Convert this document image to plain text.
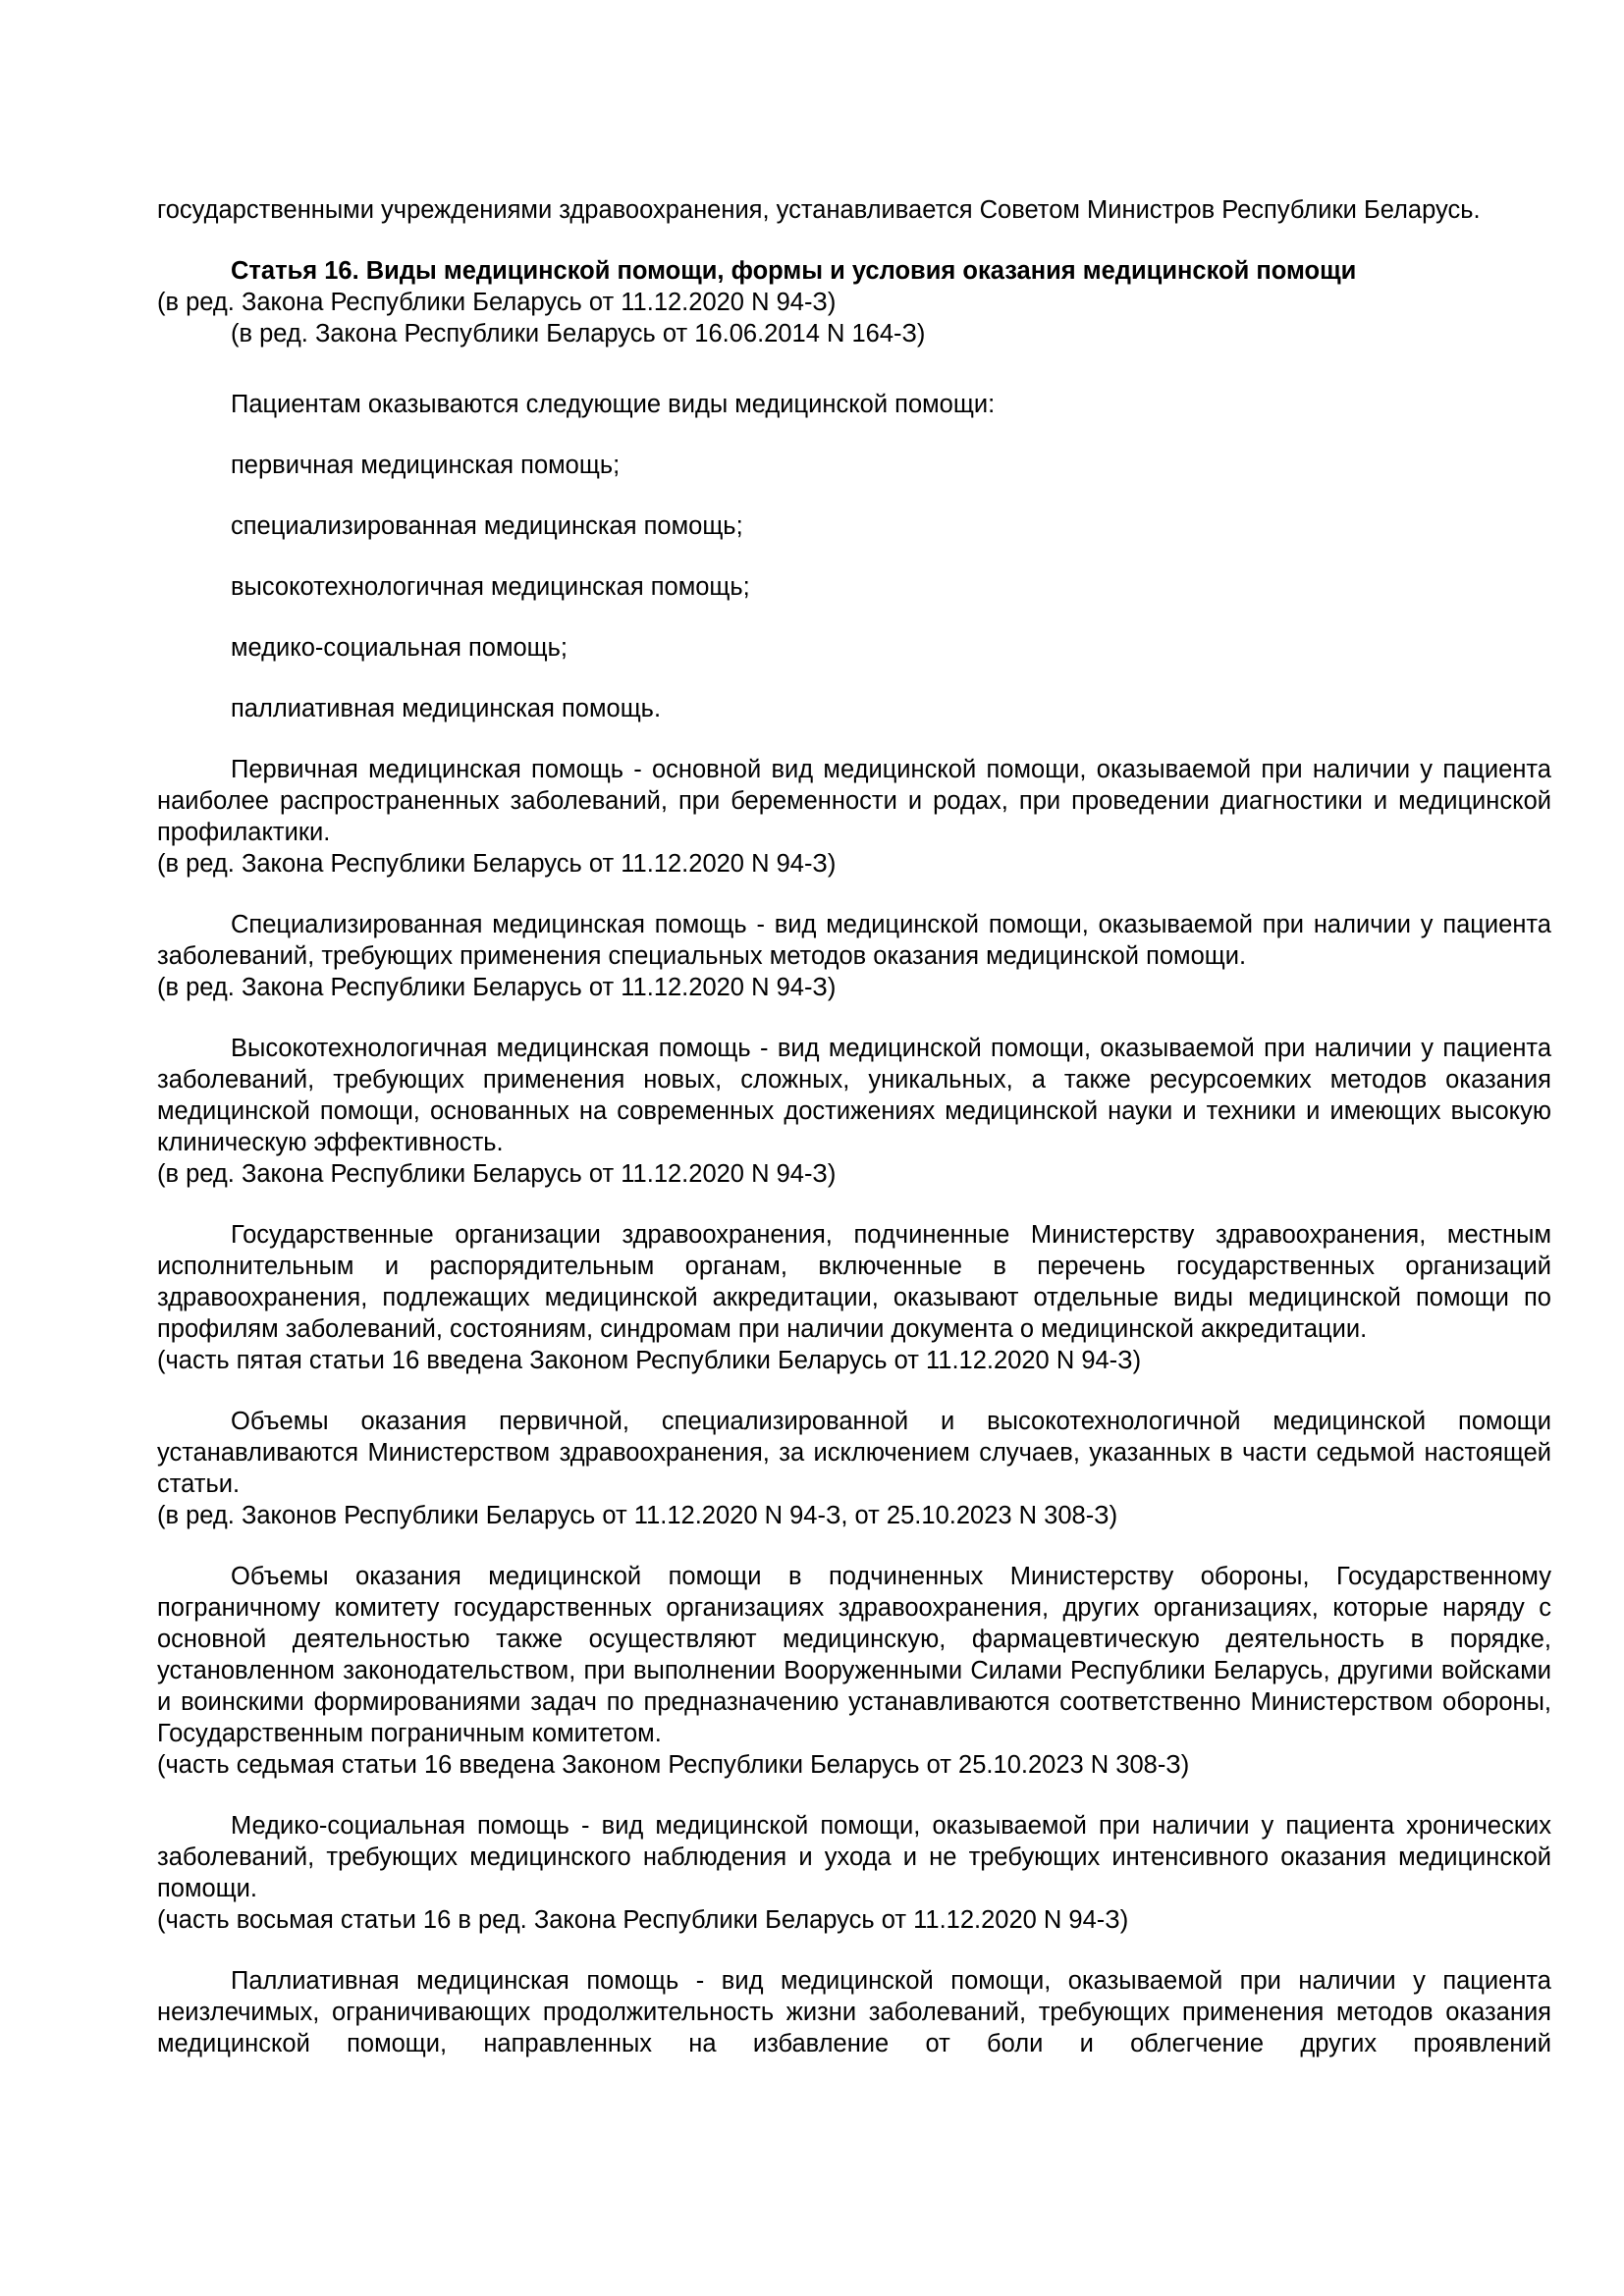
государственными учреждениями здравоохранения, устанавливается Советом Министров Республики Беларусь.

Статья 16. Виды медицинской помощи, формы и условия оказания медицинской помощи

(в ред. Закона Республики Беларусь от 11.12.2020 N 94-З)

(в ред. Закона Республики Беларусь от 16.06.2014 N 164-З)

Пациентам оказываются следующие виды медицинской помощи:

первичная медицинская помощь;

специализированная медицинская помощь;

высокотехнологичная медицинская помощь;

медико-социальная помощь;

паллиативная медицинская помощь.

Первичная медицинская помощь - основной вид медицинской помощи, оказываемой при наличии у пациента наиболее распространенных заболеваний, при беременности и родах, при проведении диагностики и медицинской профилактики.

(в ред. Закона Республики Беларусь от 11.12.2020 N 94-З)

Специализированная медицинская помощь - вид медицинской помощи, оказываемой при наличии у пациента заболеваний, требующих применения специальных методов оказания медицинской помощи.

(в ред. Закона Республики Беларусь от 11.12.2020 N 94-З)

Высокотехнологичная медицинская помощь - вид медицинской помощи, оказываемой при наличии у пациента заболеваний, требующих применения новых, сложных, уникальных, а также ресурсоемких методов оказания медицинской помощи, основанных на современных достижениях медицинской науки и техники и имеющих высокую клиническую эффективность.

(в ред. Закона Республики Беларусь от 11.12.2020 N 94-З)

Государственные организации здравоохранения, подчиненные Министерству здравоохранения, местным исполнительным и распорядительным органам, включенные в перечень государственных организаций здравоохранения, подлежащих медицинской аккредитации, оказывают отдельные виды медицинской помощи по профилям заболеваний, состояниям, синдромам при наличии документа о медицинской аккредитации.

(часть пятая статьи 16 введена Законом Республики Беларусь от 11.12.2020 N 94-З)

Объемы оказания первичной, специализированной и высокотехнологичной медицинской помощи устанавливаются Министерством здравоохранения, за исключением случаев, указанных в части седьмой настоящей статьи.

(в ред. Законов Республики Беларусь от 11.12.2020 N 94-З, от 25.10.2023 N 308-З)

Объемы оказания медицинской помощи в подчиненных Министерству обороны, Государственному пограничному комитету государственных организациях здравоохранения, других организациях, которые наряду с основной деятельностью также осуществляют медицинскую, фармацевтическую деятельность в порядке, установленном законодательством, при выполнении Вооруженными Силами Республики Беларусь, другими войсками и воинскими формированиями задач по предназначению устанавливаются соответственно Министерством обороны, Государственным пограничным комитетом.

(часть седьмая статьи 16 введена Законом Республики Беларусь от 25.10.2023 N 308-З)

Медико-социальная помощь - вид медицинской помощи, оказываемой при наличии у пациента хронических заболеваний, требующих медицинского наблюдения и ухода и не требующих интенсивного оказания медицинской помощи.

(часть восьмая статьи 16 в ред. Закона Республики Беларусь от 11.12.2020 N 94-З)

Паллиативная медицинская помощь - вид медицинской помощи, оказываемой при наличии у пациента неизлечимых, ограничивающих продолжительность жизни заболеваний, требующих применения методов оказания медицинской помощи, направленных на избавление от боли и облегчение других проявлений
